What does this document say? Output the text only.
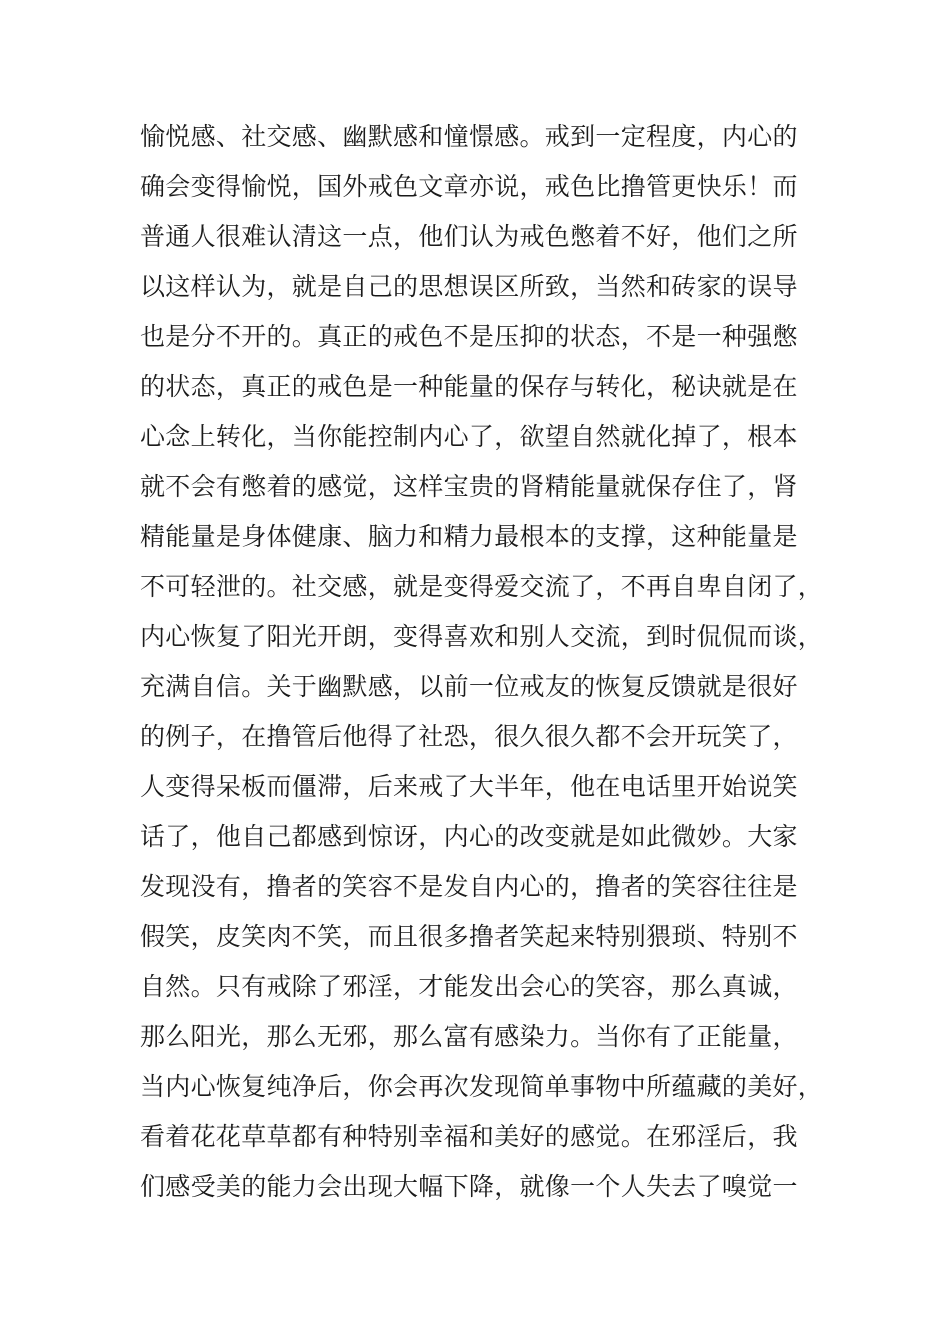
愉悦感、社交感、幽默感和憧憬感。戒到一定程度，内心的
确会变得愉悦，国外戒色文章亦说，戒色比撸管更快乐！而
普通人很难认清这一点，他们认为戒色憋着不好，他们之所
以这样认为，就是自己的思想误区所致，当然和砖家的误导
也是分不开的。真正的戒色不是压抑的状态，不是一种强憋
的状态，真正的戒色是一种能量的保存与转化，秘诀就是在
心念上转化，当你能控制内心了，欲望自然就化掉了，根本
就不会有憋着的感觉，这样宝贵的肾精能量就保存住了，肾
精能量是身体健康、脑力和精力最根本的支撑，这种能量是
不可轻泄的。社交感，就是变得爱交流了，不再自卑自闭了，
内心恢复了阳光开朗，变得喜欢和别人交流，到时侃侃而谈，
充满自信。关于幽默感，以前一位戒友的恢复反馈就是很好
的例子，在撸管后他得了社恐，很久很久都不会开玩笑了，
人变得呆板而僵滞，后来戒了大半年，他在电话里开始说笑
话了，他自己都感到惊讶，内心的改变就是如此微妙。大家
发现没有，撸者的笑容不是发自内心的，撸者的笑容往往是
假笑，皮笑肉不笑，而且很多撸者笑起来特别猥琐、特别不
自然。只有戒除了邪淫，才能发出会心的笑容，那么真诚，
那么阳光，那么无邪，那么富有感染力。当你有了正能量，
当内心恢复纯净后，你会再次发现简单事物中所蕴藏的美好，
看着花花草草都有种特别幸福和美好的感觉。在邪淫后，我
们感受美的能力会出现大幅下降，就像一个人失去了嗅觉一
